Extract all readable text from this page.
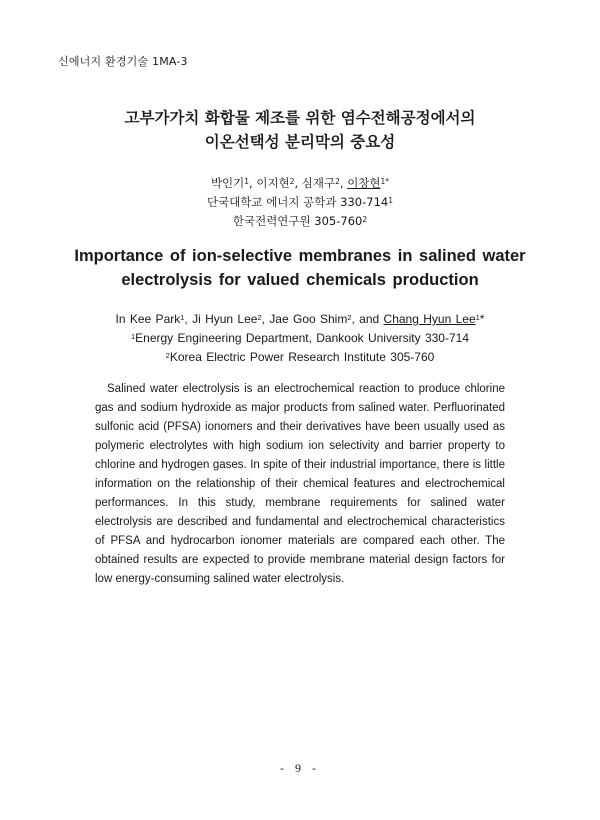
신에너지 환경기술 1MA-3
고부가가치 화합물 제조를 위한 염수전해공정에서의
이온선택성 분리막의 중요성
박인기$^1$, 이지현$^2$, 심재구$^2$, 이창현$^{1*}$
단국대학교 에너지 공학과 $330-714^1$
한국전력연구원 $305-760^2$
Importance of ion-selective membranes in salined water
electrolysis for valued chemicals production
In Kee Park$^1$, Ji Hyun Lee$^2$, Jae Goo Shim$^2$, and Chang Hyun Lee$^1$*
$^1$Energy Engineering Department, Dankook University 330-714
$^2$Korea Electric Power Research Institute 305-760

Salined water electrolysis is an electrochemical reaction to produce chlorine gas and sodium hydroxide as major products from salined water. Perfluorinated sulfonic acid (PFSA) ionomers and their derivatives have been usually used as polymeric electrolytes with high sodium ion selectivity and barrier property to chlorine and hydrogen gases. In spite of their industrial importance, there is little information on the relationship of their chemical features and electrochemical performances. In this study, membrane requirements for salined water electrolysis are described and fundamental and electrochemical characteristics of PFSA and hydrocarbon ionomer materials are compared each other. The obtained results are expected to provide membrane material design factors for low energy-consuming salined water electrolysis.

- 9 -
